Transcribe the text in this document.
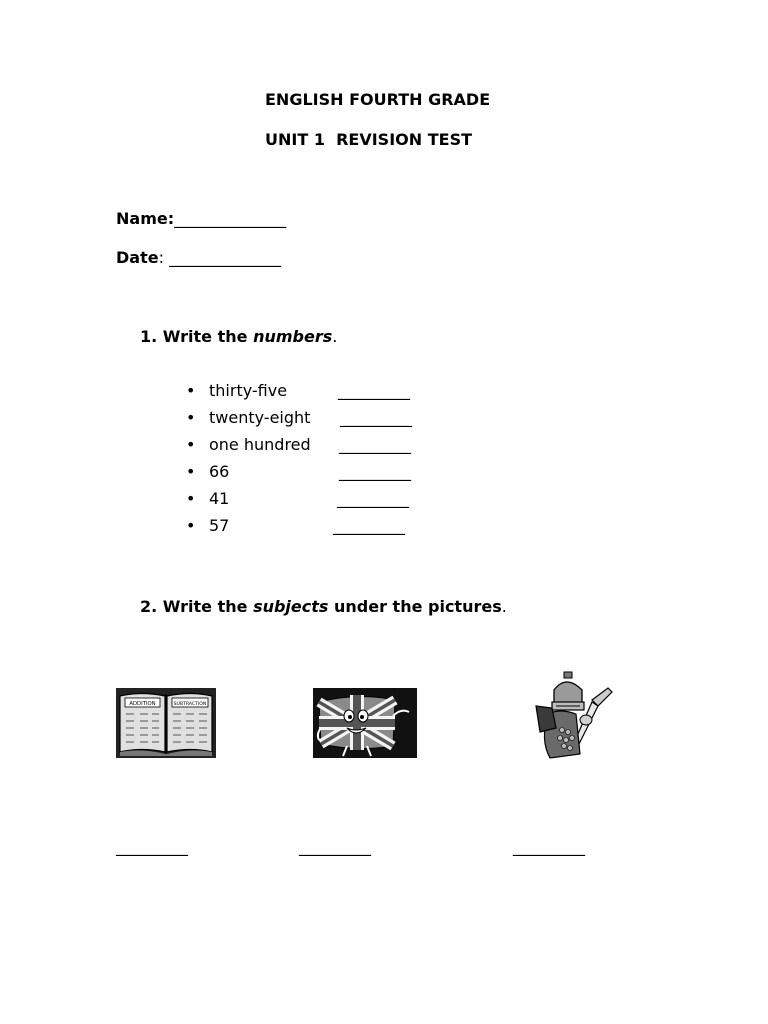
ENGLISH FOURTH GRADE
UNIT 1  REVISION TEST
Name:______________
Date: ______________
1. Write the numbers.
• thirty-five	_________
• twenty-eight _________
• one hundred _________
• 66	_________
• 41	_________
• 57	_________
2. Write the subjects under the pictures.
ADDITION	SUBTRACTION
_________	_________	_________
